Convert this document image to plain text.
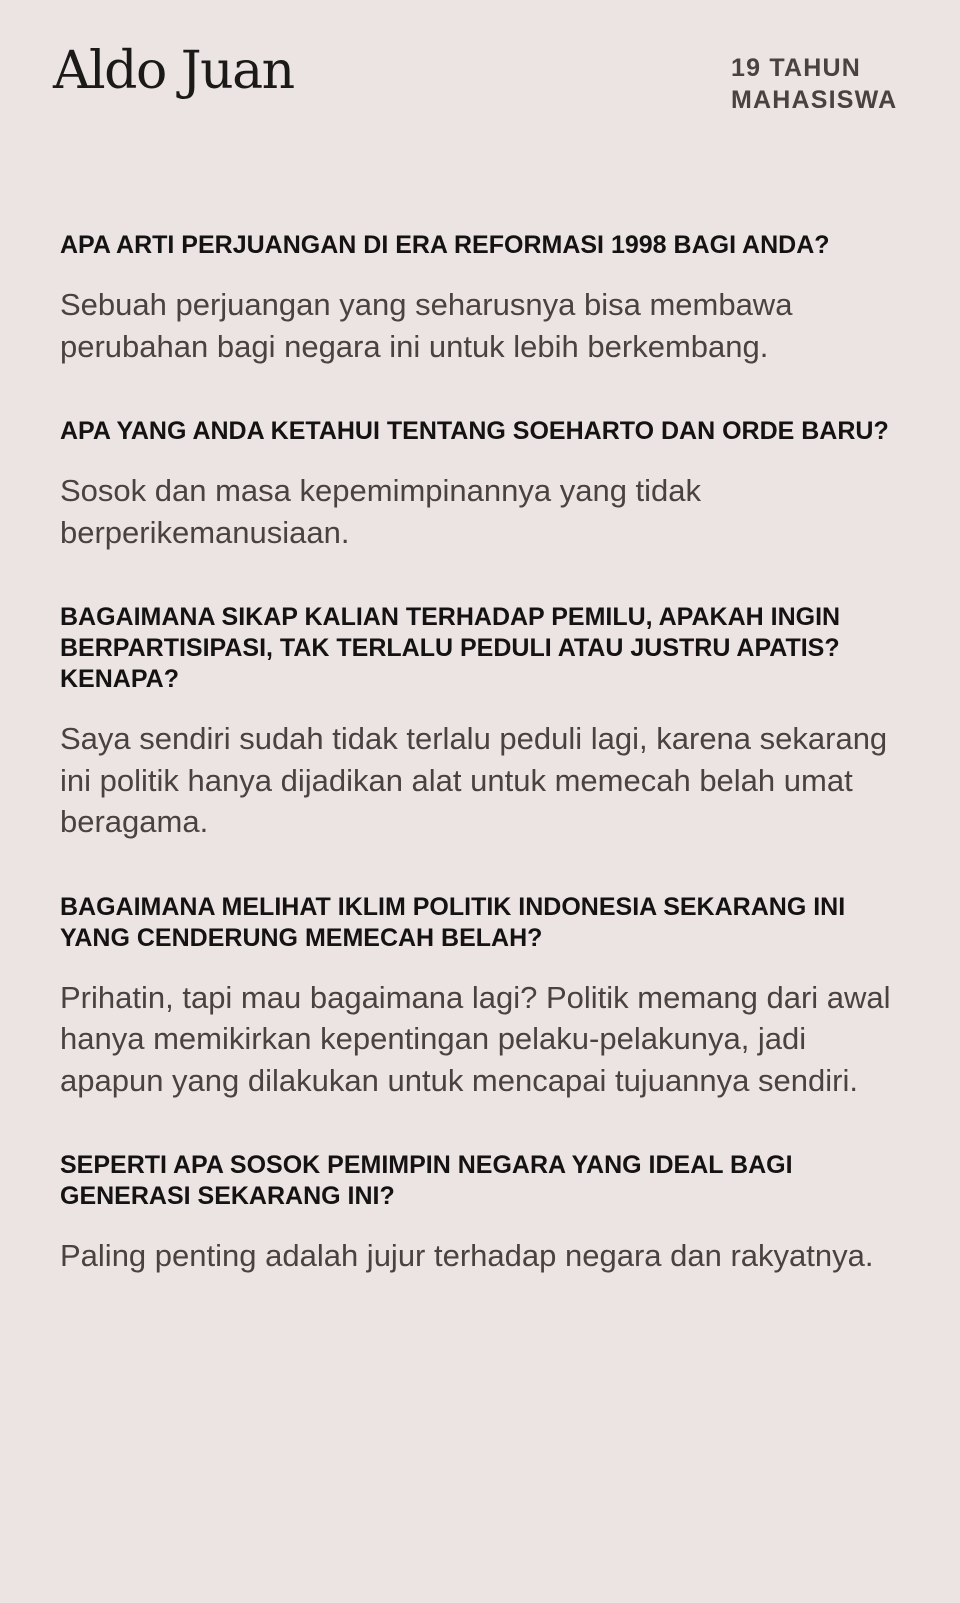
Aldo Juan	19 TAHUN
MAHASISWA
APA ARTI PERJUANGAN DI ERA REFORMASI 1998 BAGI ANDA?

Sebuah perjuangan yang seharusnya bisa membawa perubahan bagi negara ini untuk lebih berkembang.

APA YANG ANDA KETAHUI TENTANG SOEHARTO DAN ORDE BARU?

Sosok dan masa kepemimpinannya yang tidak berperikemanusiaan.

BAGAIMANA SIKAP KALIAN TERHADAP PEMILU, APAKAH INGIN BERPARTISIPASI, TAK TERLALU PEDULI ATAU JUSTRU APATIS? KENAPA?

Saya sendiri sudah tidak terlalu peduli lagi, karena sekarang ini politik hanya dijadikan alat untuk memecah belah umat beragama.

BAGAIMANA MELIHAT IKLIM POLITIK INDONESIA SEKARANG INI YANG CENDERUNG MEMECAH BELAH?

Prihatin, tapi mau bagaimana lagi? Politik memang dari awal hanya memikirkan kepentingan pelaku-pelakunya, jadi apapun yang dilakukan untuk mencapai tujuannya sendiri.

SEPERTI APA SOSOK PEMIMPIN NEGARA YANG IDEAL BAGI GENERASI SEKARANG INI?

Paling penting adalah jujur terhadap negara dan rakyatnya.
